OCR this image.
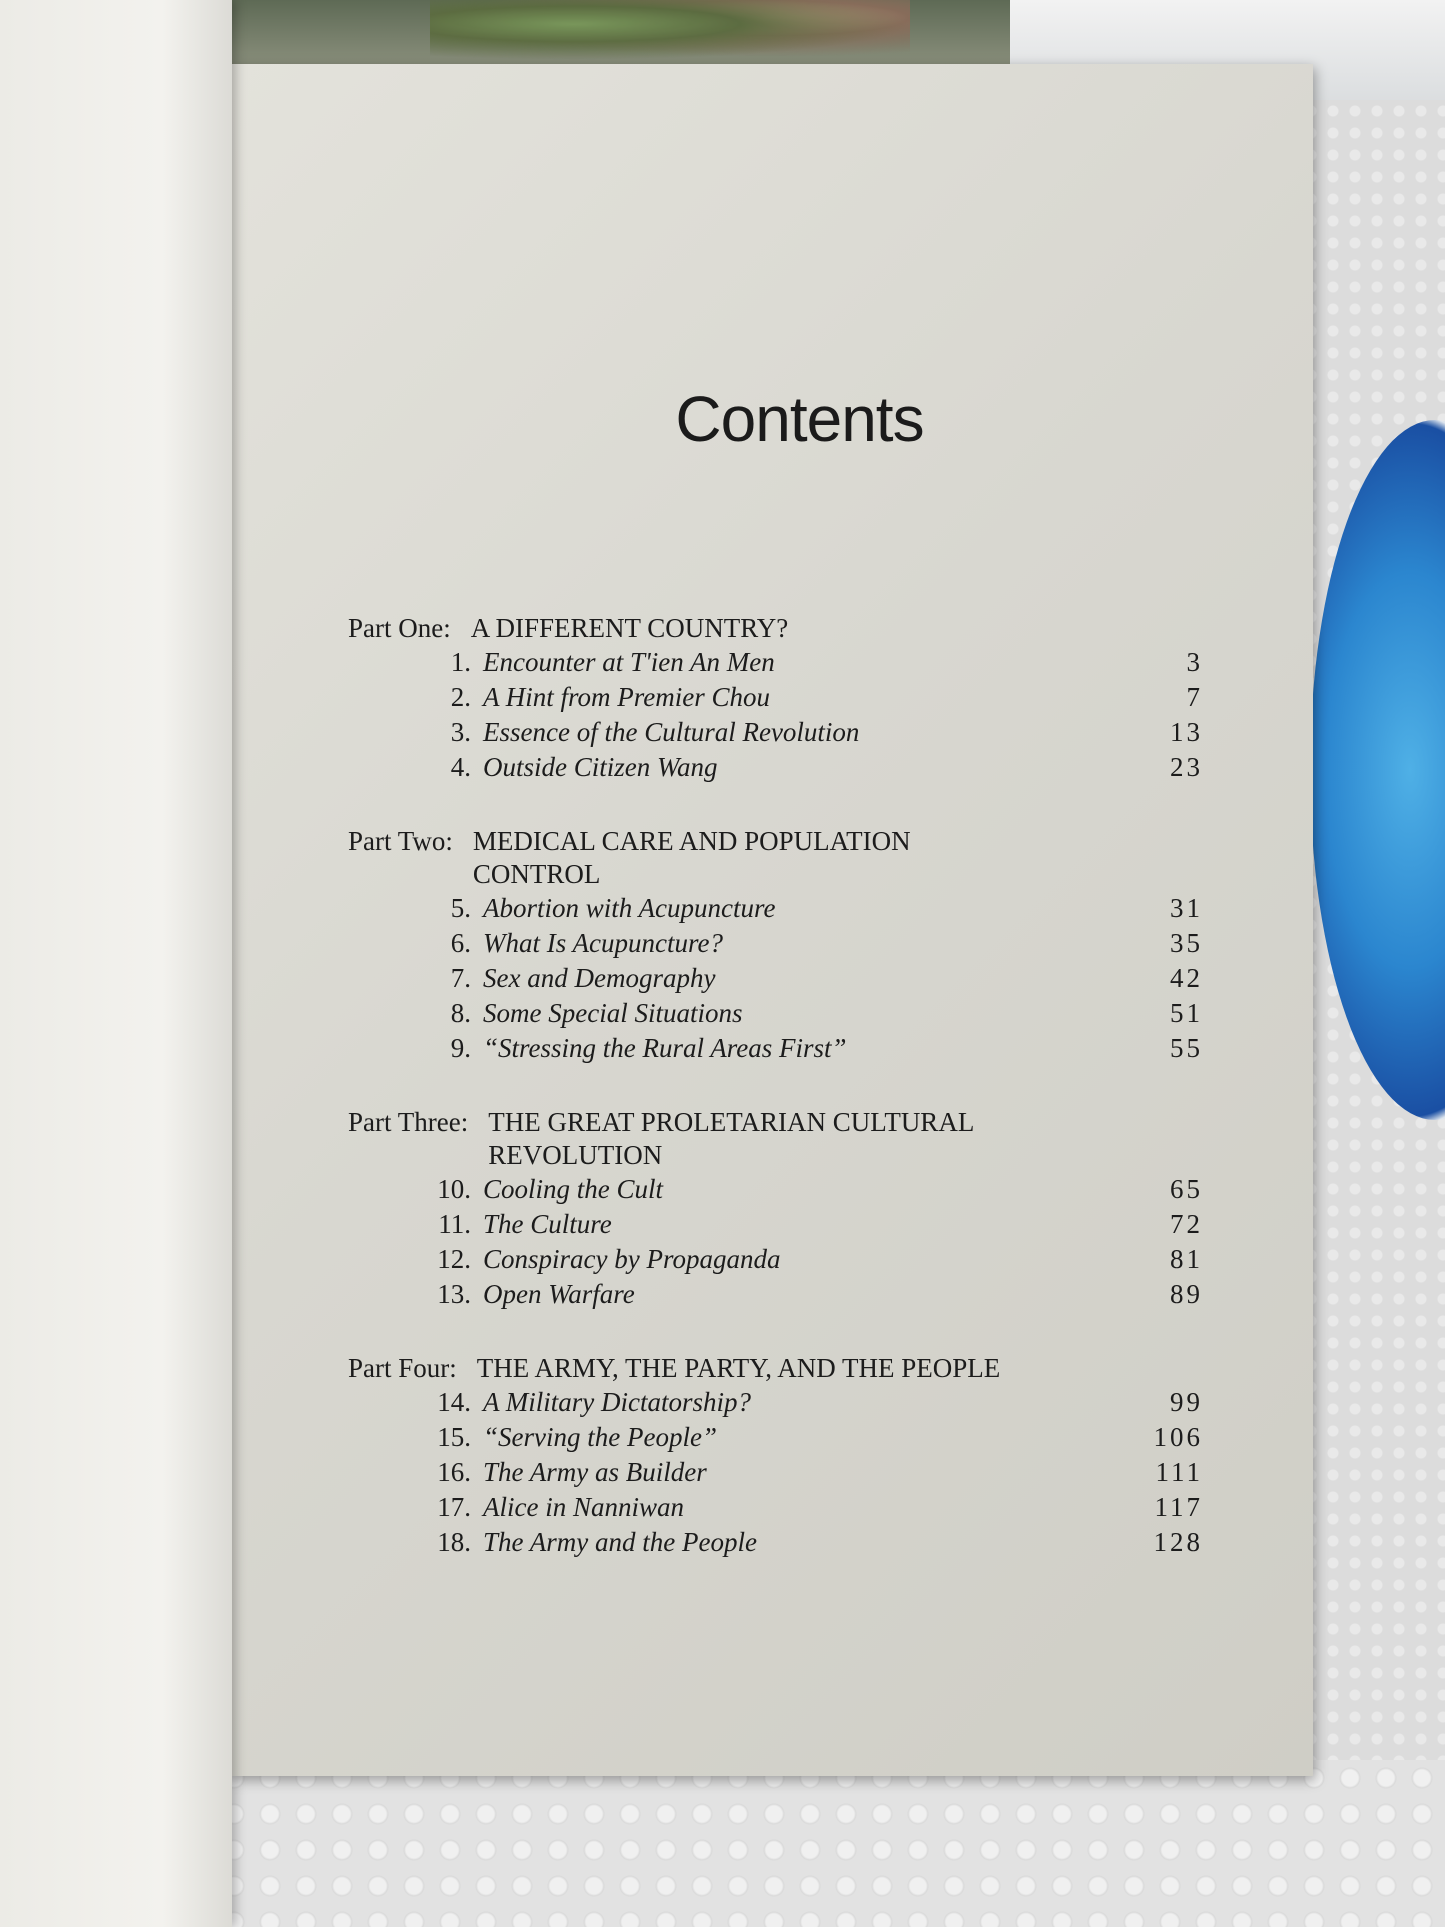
Contents
Part One: A DIFFERENT COUNTRY?
1. Encounter at T'ien An Men	3
2. A Hint from Premier Chou	7
3. Essence of the Cultural Revolution	13
4. Outside Citizen Wang	23
Part Two: MEDICAL CARE AND POPULATION CONTROL
5. Abortion with Acupuncture	31
6. What Is Acupuncture?	35
7. Sex and Demography	42
8. Some Special Situations	51
9. “Stressing the Rural Areas First”	55
Part Three: THE GREAT PROLETARIAN CULTURAL REVOLUTION
10. Cooling the Cult	65
11. The Culture	72
12. Conspiracy by Propaganda	81
13. Open Warfare	89
Part Four: THE ARMY, THE PARTY, AND THE PEOPLE
14. A Military Dictatorship?	99
15. “Serving the People”	106
16. The Army as Builder	111
17. Alice in Nanniwan	117
18. The Army and the People	128
